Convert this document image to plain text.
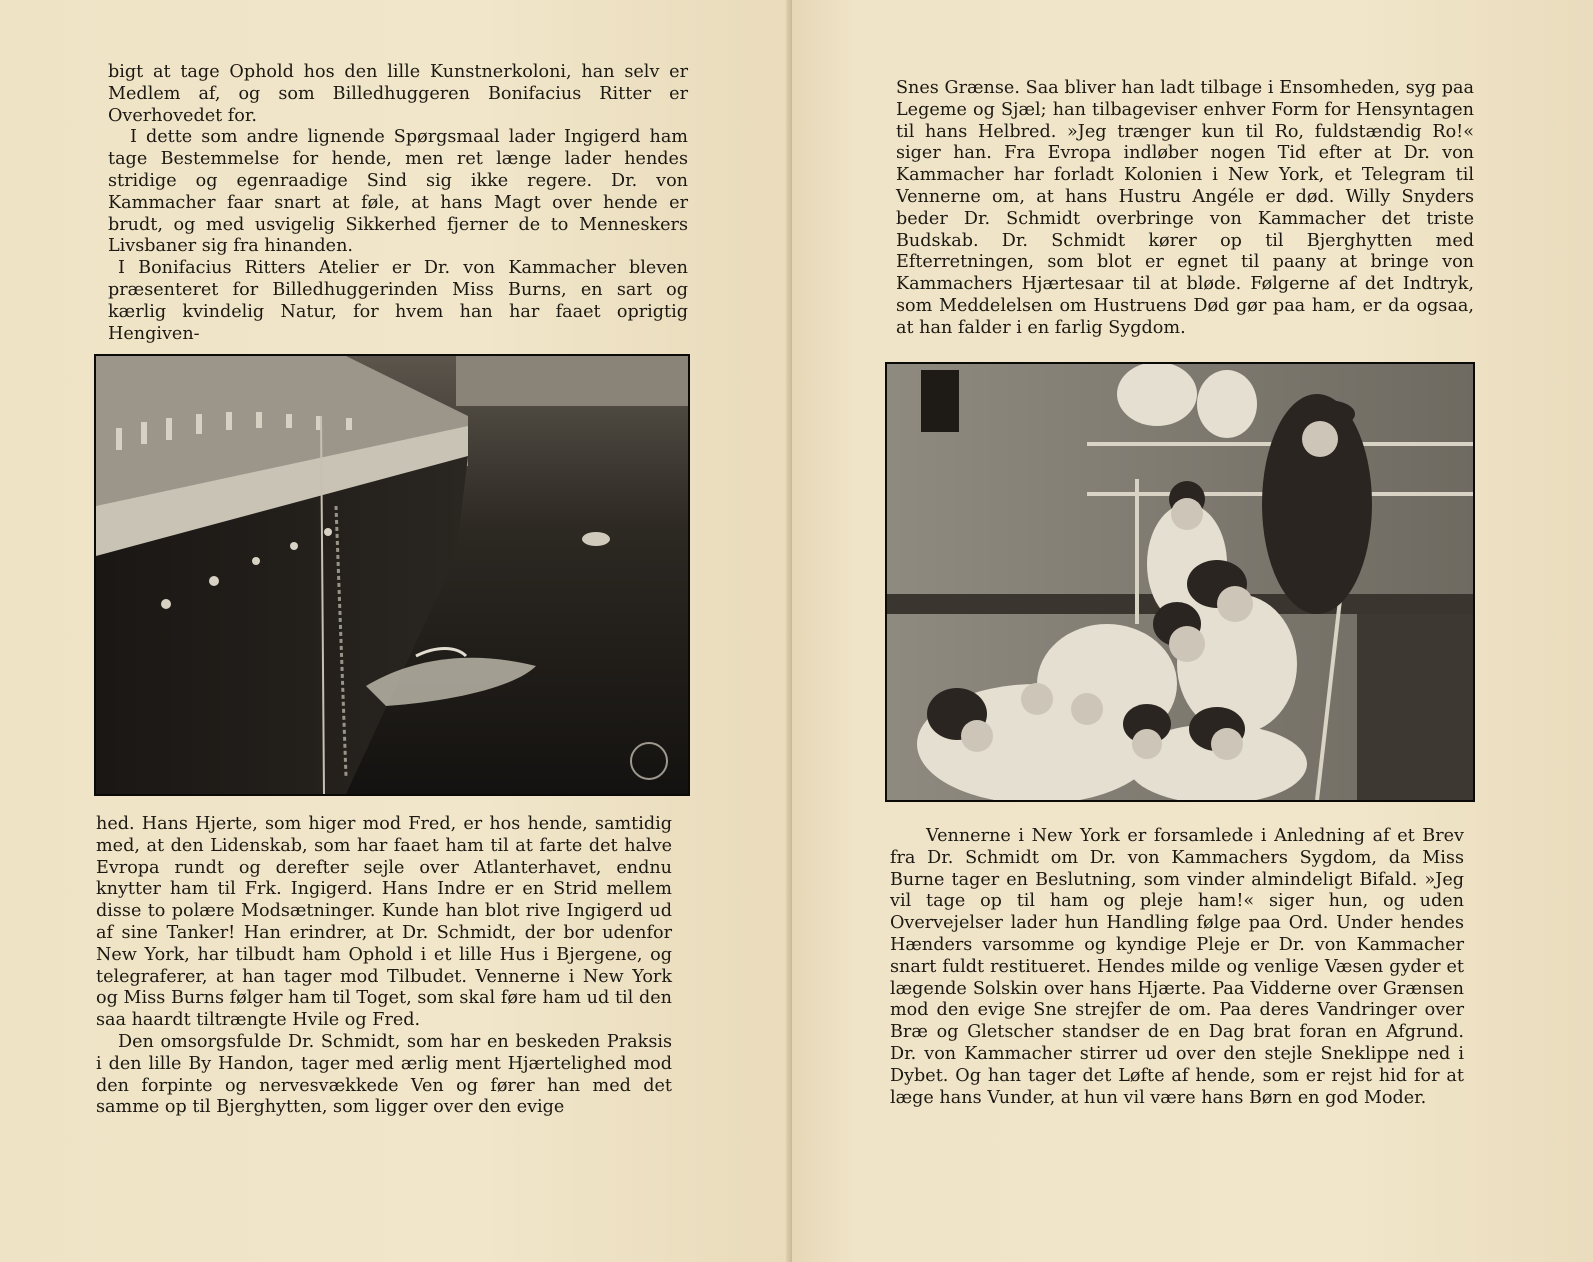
bigt at tage Ophold hos den lille Kunstnerkoloni, han selv er Medlem af, og som Billedhuggeren Bonifacius Ritter er Overhovedet for.

I dette som andre lignende Spørgsmaal lader Ingigerd ham tage Bestemmelse for hende, men ret længe lader hendes stridige og egenraadige Sind sig ikke regere. Dr. von Kammacher faar snart at føle, at hans Magt over hende er brudt, og med usvigelig Sikkerhed fjerner de to Menneskers Livsbaner sig fra hinanden.

I Bonifacius Ritters Atelier er Dr. von Kammacher bleven præsenteret for Billedhuggerinden Miss Burns, en sart og kærlig kvindelig Natur, for hvem han har faaet oprigtig Hengiven-

hed. Hans Hjerte, som higer mod Fred, er hos hende, samtidig med, at den Lidenskab, som har faaet ham til at farte det halve Evropa rundt og derefter sejle over Atlanterhavet, endnu knytter ham til Frk. Ingigerd. Hans Indre er en Strid mellem disse to polære Modsætninger. Kunde han blot rive Ingigerd ud af sine Tanker! Han erindrer, at Dr. Schmidt, der bor udenfor New York, har tilbudt ham Ophold i et lille Hus i Bjergene, og telegraferer, at han tager mod Tilbudet. Vennerne i New York og Miss Burns følger ham til Toget, som skal føre ham ud til den saa haardt tiltrængte Hvile og Fred.

Den omsorgsfulde Dr. Schmidt, som har en beskeden Praksis i den lille By Handon, tager med ærlig ment Hjærtelighed mod den forpinte og nervesvækkede Ven og fører han med det samme op til Bjerghytten, som ligger over den evige

Snes Grænse. Saa bliver han ladt tilbage i Ensomheden, syg paa Legeme og Sjæl; han tilbageviser enhver Form for Hensyntagen til hans Helbred. »Jeg trænger kun til Ro, fuldstændig Ro!« siger han. Fra Evropa indløber nogen Tid efter at Dr. von Kammacher har forladt Kolonien i New York, et Telegram til Vennerne om, at hans Hustru Angéle er død. Willy Snyders beder Dr. Schmidt overbringe von Kammacher det triste Budskab. Dr. Schmidt kører op til Bjerghytten med Efterretningen, som blot er egnet til paany at bringe von Kammachers Hjærtesaar til at bløde. Følgerne af det Indtryk, som Meddelelsen om Hustruens Død gør paa ham, er da ogsaa, at han falder i en farlig Sygdom.

Vennerne i New York er forsamlede i Anledning af et Brev fra Dr. Schmidt om Dr. von Kammachers Sygdom, da Miss Burne tager en Beslutning, som vinder almindeligt Bifald. »Jeg vil tage op til ham og pleje ham!« siger hun, og uden Overvejelser lader hun Handling følge paa Ord. Under hendes Hænders varsomme og kyndige Pleje er Dr. von Kammacher snart fuldt restitueret. Hendes milde og venlige Væsen gyder et lægende Solskin over hans Hjærte. Paa Vidderne over Grænsen mod den evige Sne strejfer de om. Paa deres Vandringer over Bræ og Gletscher standser de en Dag brat foran en Afgrund. Dr. von Kammacher stirrer ud over den stejle Sneklippe ned i Dybet. Og han tager det Løfte af hende, som er rejst hid for at læge hans Vunder, at hun vil være hans Børn en god Moder.
